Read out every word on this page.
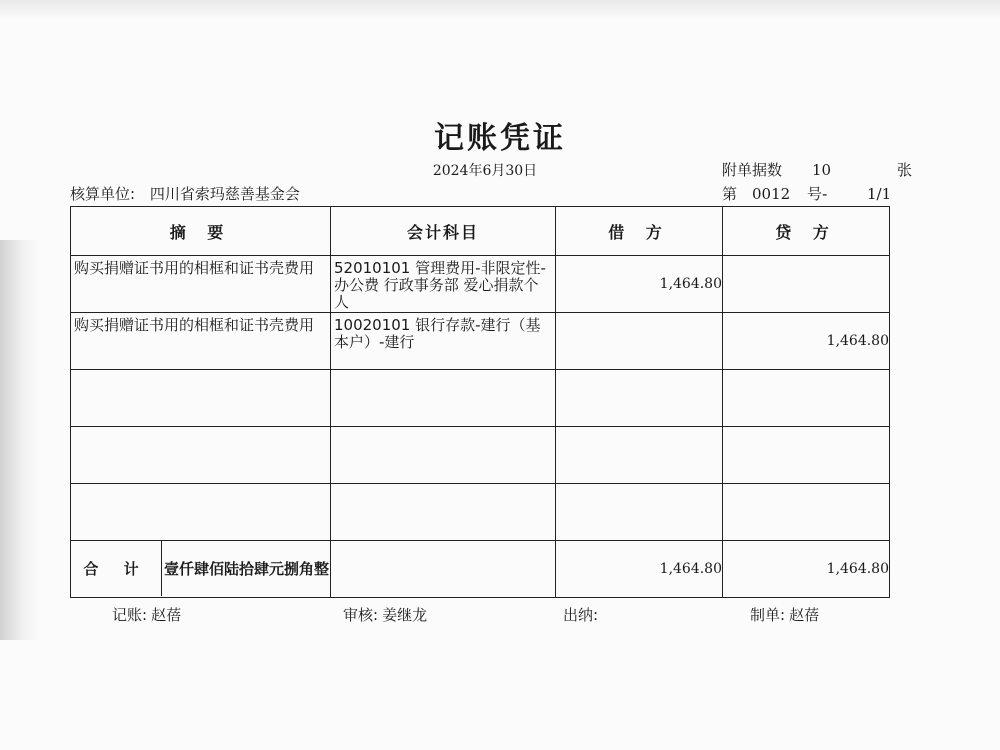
记账凭证
2024年6月30日
核算单位: 四川省索玛慈善基金会
附单据数 10	张
第 0012 号-	1/1
摘 要	会计科目	借 方	贷 方

购买捐赠证书用的相框和证书壳费用	52010101 管理费用-非限定性-办公费 行政事务部 爱心捐款个人	1,464.80	

购买捐赠证书用的相框和证书壳费用	10020101 银行存款-建行（基本户）-建行		1,464.80

合 计 壹仟肆佰陆拾肆元捌角整		1,464.80	1,464.80
记账: 赵蓓	审核: 姜继龙	出纳:	制单: 赵蓓
